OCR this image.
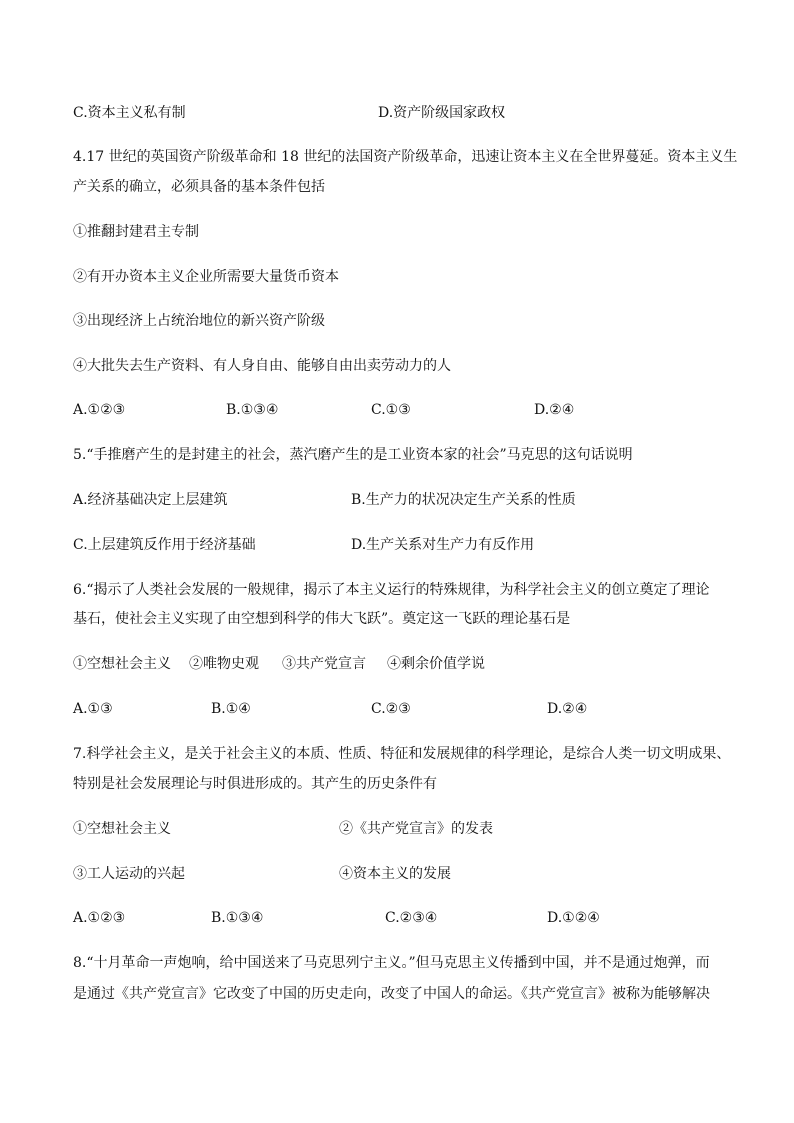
C.资本主义私有制	D.资产阶级国家政权
4.17 世纪的英国资产阶级革命和 18 世纪的法国资产阶级革命，迅速让资本主义在全世界蔓延。资本主义生
产关系的确立，必须具备的基本条件包括
①推翻封建君主专制
②有开办资本主义企业所需要大量货币资本
③出现经济上占统治地位的新兴资产阶级
④大批失去生产资料、有人身自由、能够自由出卖劳动力的人
A.①②③	B.①③④	C.①③	D.②④
5.“手推磨产生的是封建主的社会，蒸汽磨产生的是工业资本家的社会”马克思的这句话说明
A.经济基础决定上层建筑	B.生产力的状况决定生产关系的性质
C.上层建筑反作用于经济基础	D.生产关系对生产力有反作用
6.“揭示了人类社会发展的一般规律，揭示了本主义运行的特殊规律，为科学社会主义的创立奠定了理论
基石，使社会主义实现了由空想到科学的伟大飞跃”。奠定这一飞跃的理论基石是
①空想社会主义 ②唯物史观 ③共产党宣言 ④剩余价值学说
A.①③	B.①④	C.②③	D.②④
7.科学社会主义，是关于社会主义的本质、性质、特征和发展规律的科学理论，是综合人类一切文明成果、
特别是社会发展理论与时俱进形成的。其产生的历史条件有
①空想社会主义	②《共产党宣言》的发表
③工人运动的兴起	④资本主义的发展
A.①②③	B.①③④	C.②③④	D.①②④
8.“十月革命一声炮响，给中国送来了马克思列宁主义。”但马克思主义传播到中国，并不是通过炮弹，而
是通过《共产党宣言》它改变了中国的历史走向，改变了中国人的命运。《共产党宣言》被称为能够解决
